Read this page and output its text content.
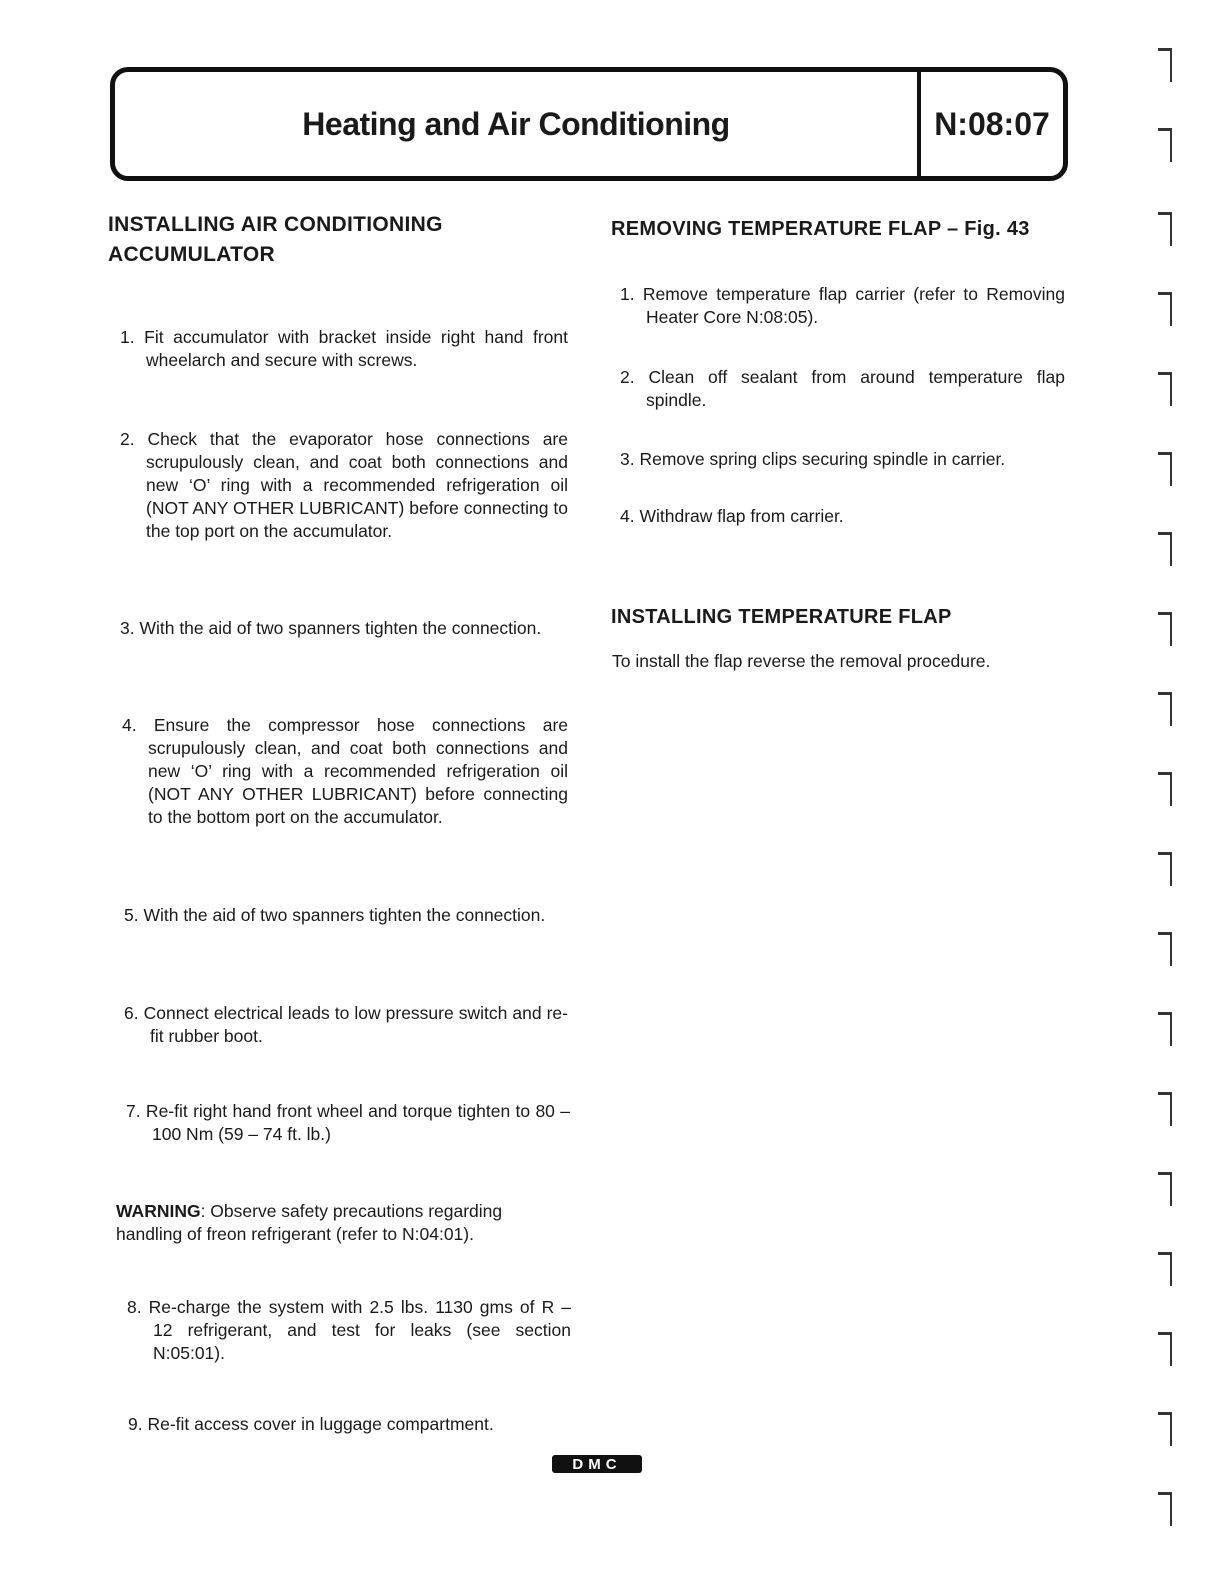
Heating and Air Conditioning	N:08:07
INSTALLING AIR CONDITIONING
ACCUMULATOR
1. Fit accumulator with bracket inside right hand front wheelarch and secure with screws.
2. Check that the evaporator hose connections are scrupulously clean, and coat both connections and new ‘O’ ring with a recommended refrigeration oil (NOT ANY OTHER LUBRICANT) before connecting to the top port on the accumulator.
3. With the aid of two spanners tighten the connection.
4. Ensure the compressor hose connections are scrupulously clean, and coat both connections and new ‘O’ ring with a recommended refrigeration oil (NOT ANY OTHER LUBRICANT) before connecting to the bottom port on the accumulator.
5. With the aid of two spanners tighten the connection.
6. Connect electrical leads to low pressure switch and re-fit rubber boot.
7. Re-fit right hand front wheel and torque tighten to 80 – 100 Nm (59 – 74 ft. lb.)
WARNING: Observe safety precautions regarding handling of freon refrigerant (refer to N:04:01).
8. Re-charge the system with 2.5 lbs. 1130 gms of R – 12 refrigerant, and test for leaks (see section N:05:01).
9. Re-fit access cover in luggage compartment.
REMOVING TEMPERATURE FLAP – Fig. 43
1. Remove temperature flap carrier (refer to Removing Heater Core N:08:05).
2. Clean off sealant from around temperature flap spindle.
3. Remove spring clips securing spindle in carrier.
4. Withdraw flap from carrier.
INSTALLING TEMPERATURE FLAP
To install the flap reverse the removal procedure.
DMC
